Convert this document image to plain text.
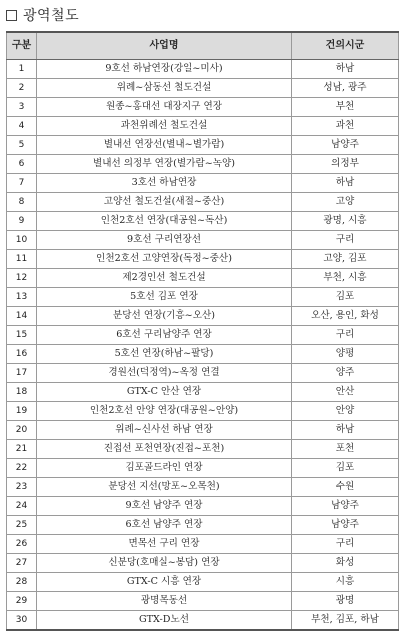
광역철도
구분	사업명	건의시군
1	9호선 하남연장(강일~미사)	하남
2	위례~삼동선 철도건설	성남, 광주
3	원종~홍대선 대장지구 연장	부천
4	과천위례선 철도건설	과천
5	별내선 연장선(별내~별가람)	남양주
6	별내선 의정부 연장(별가람~녹양)	의정부
7	3호선 하남연장	하남
8	고양선 철도건설(새절~중산)	고양
9	인천2호선 연장(대공원~독산)	광명, 시흥
10	9호선 구리연장선	구리
11	인천2호선 고양연장(독정~중산)	고양, 김포
12	제2경인선 철도건설	부천, 시흥
13	5호선 김포 연장	김포
14	분당선 연장(기흥~오산)	오산, 용인, 화성
15	6호선 구리남양주 연장	구리
16	5호선 연장(하남~팔당)	양평
17	경원선(덕정역)~옥정 연결	양주
18	GTX-C 안산 연장	안산
19	인천2호선 안양 연장(대공원~안양)	안양
20	위례~신사선 하남 연장	하남
21	진접선 포천연장(진접~포천)	포천
22	김포골드라인 연장	김포
23	분당선 지선(망포~오목천)	수원
24	9호선 남양주 연장	남양주
25	6호선 남양주 연장	남양주
26	면목선 구리 연장	구리
27	신분당(호매실~봉담) 연장	화성
28	GTX-C 시흥 연장	시흥
29	광명목동선	광명
30	GTX-D노선	부천, 김포, 하남
